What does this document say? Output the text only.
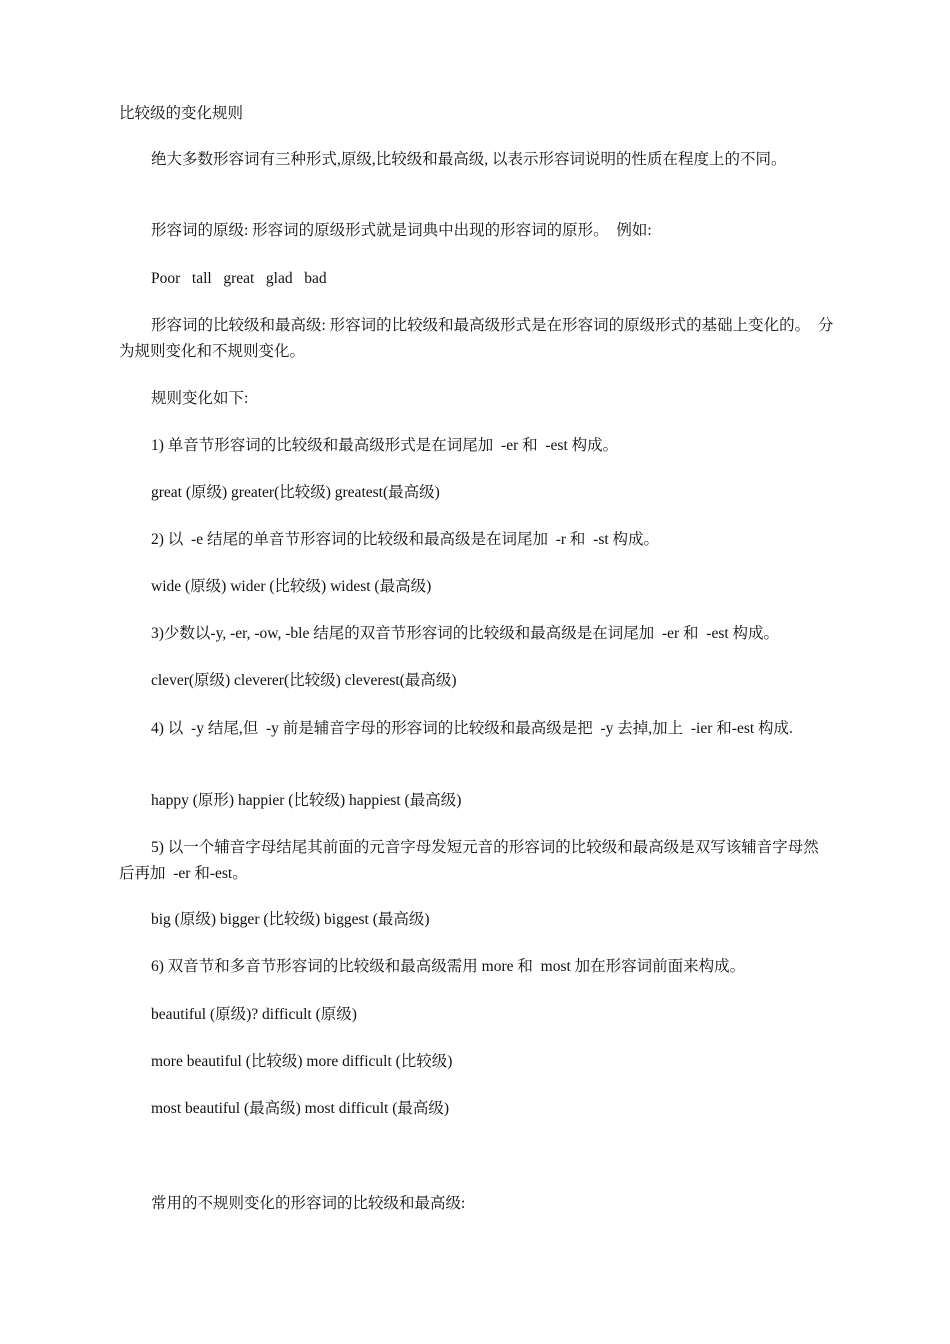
比较级的变化规则

绝大多数形容词有三种形式,原级,比较级和最高级, 以表示形容词说明的性质在程度上的不同。

形容词的原级: 形容词的原级形式就是词典中出现的形容词的原形。  例如:

Poor   tall   great   glad   bad

形容词的比较级和最高级: 形容词的比较级和最高级形式是在形容词的原级形式的基础上变化的。  分为规则变化和不规则变化。

规则变化如下:

1) 单音节形容词的比较级和最高级形式是在词尾加  -er 和  -est 构成。

great (原级) greater(比较级) greatest(最高级)

2) 以  -e 结尾的单音节形容词的比较级和最高级是在词尾加  -r 和  -st 构成。

wide (原级) wider (比较级) widest (最高级)

3)少数以-y, -er, -ow, -ble 结尾的双音节形容词的比较级和最高级是在词尾加  -er 和  -est 构成。

clever(原级) cleverer(比较级) cleverest(最高级)

4) 以  -y 结尾,但  -y 前是辅音字母的形容词的比较级和最高级是把  -y 去掉,加上  -ier 和-est 构成.

happy (原形) happier (比较级) happiest (最高级)

5) 以一个辅音字母结尾其前面的元音字母发短元音的形容词的比较级和最高级是双写该辅音字母然后再加  -er 和-est。

big (原级) bigger (比较级) biggest (最高级)

6) 双音节和多音节形容词的比较级和最高级需用 more 和  most 加在形容词前面来构成。

beautiful (原级)? difficult (原级)

more beautiful (比较级) more difficult (比较级)

most beautiful (最高级) most difficult (最高级)

常用的不规则变化的形容词的比较级和最高级:
